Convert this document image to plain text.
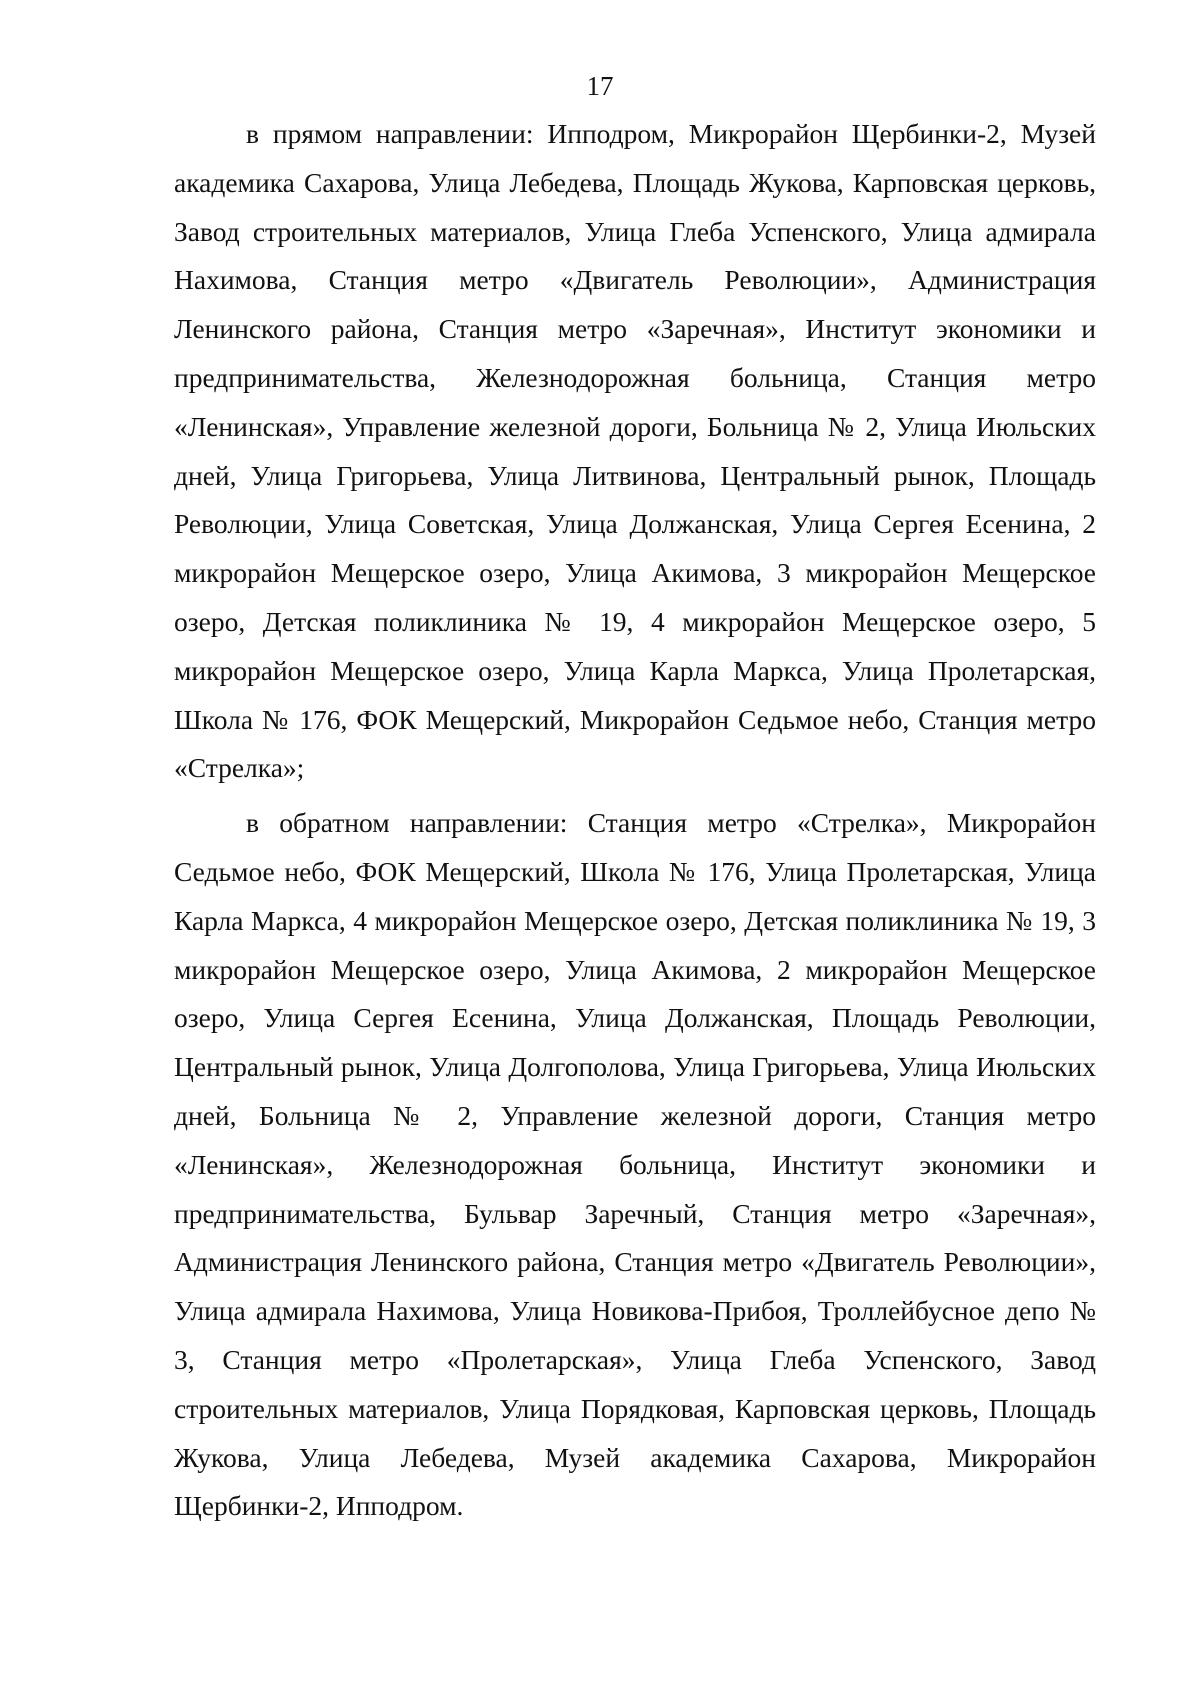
17

в прямом направлении: Ипподром, Микрорайон Щербинки-2, Музей академика Сахарова, Улица Лебедева, Площадь Жукова, Карповская церковь, Завод строительных материалов, Улица Глеба Успенского, Улица адмирала Нахимова, Станция метро «Двигатель Революции», Администрация Ленинского района, Станция метро «Заречная», Институт экономики и предпринимательства, Железнодорожная больница, Станция метро «Ленинская», Управление железной дороги, Больница № 2, Улица Июльских дней, Улица Григорьева, Улица Литвинова, Центральный рынок, Площадь Революции, Улица Советская, Улица Должанская, Улица Сергея Есенина, 2 микрорайон Мещерское озеро, Улица Акимова, 3 микрорайон Мещерское озеро, Детская поликлиника № 19, 4 микрорайон Мещерское озеро, 5 микрорайон Мещерское озеро, Улица Карла Маркса, Улица Пролетарская, Школа № 176, ФОК Мещерский, Микрорайон Седьмое небо, Станция метро «Стрелка»;

в обратном направлении: Станция метро «Стрелка», Микрорайон Седьмое небо, ФОК Мещерский, Школа № 176, Улица Пролетарская, Улица Карла Маркса, 4 микрорайон Мещерское озеро, Детская поликлиника № 19, 3 микрорайон Мещерское озеро, Улица Акимова, 2 микрорайон Мещерское озеро, Улица Сергея Есенина, Улица Должанская, Площадь Революции, Центральный рынок, Улица Долгополова, Улица Григорьева, Улица Июльских дней, Больница № 2, Управление железной дороги, Станция метро «Ленинская», Железнодорожная больница, Институт экономики и предпринимательства, Бульвар Заречный, Станция метро «Заречная», Администрация Ленинского района, Станция метро «Двигатель Революции», Улица адмирала Нахимова, Улица Новикова-Прибоя, Троллейбусное депо № 3, Станция метро «Пролетарская», Улица Глеба Успенского, Завод строительных материалов, Улица Порядковая, Карповская церковь, Площадь Жукова, Улица Лебедева, Музей академика Сахарова, Микрорайон Щербинки-2, Ипподром.
